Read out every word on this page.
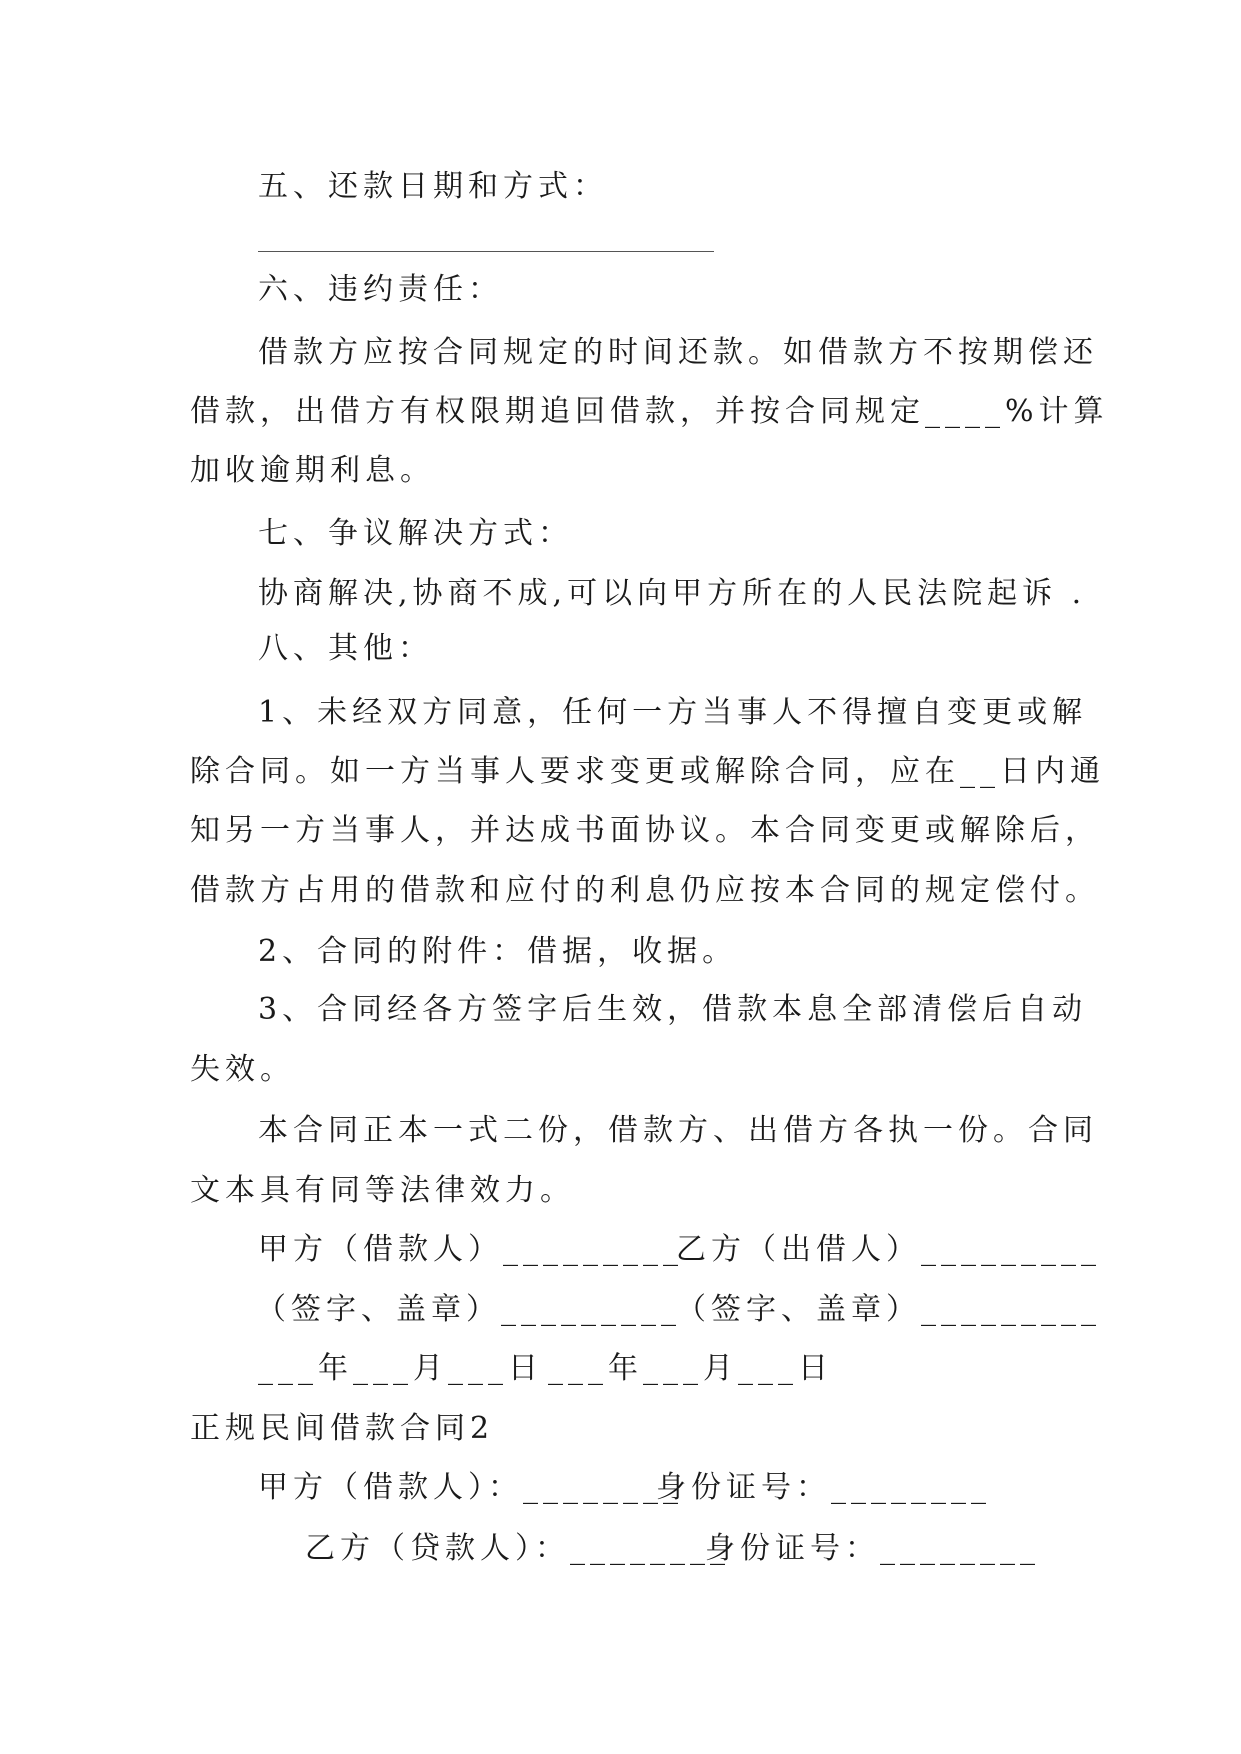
五、还款日期和方式：
六、违约责任：
借款方应按合同规定的时间还款。如借款方不按期偿还
借款，出借方有权限期追回借款，并按合同规定____%计算
加收逾期利息。
七、争议解决方式：
协商解决,协商不成,可以向甲方所在的人民法院起诉 .
八、其他：
1、未经双方同意，任何一方当事人不得擅自变更或解
除合同。如一方当事人要求变更或解除合同，应在__日内通
知另一方当事人，并达成书面协议。本合同变更或解除后，
借款方占用的借款和应付的利息仍应按本合同的规定偿付。
2、合同的附件：借据，收据。
3、合同经各方签字后生效，借款本息全部清偿后自动
失效。
本合同正本一式二份，借款方、出借方各执一份。合同
文本具有同等法律效力。
甲方（借款人）_________
乙方（出借人）_________
（签字、盖章）_________
（签字、盖章）_________
___年___月___日 ___年___月___日
正规民间借款合同2
甲方（借款人）：________
身份证号：________
乙方（贷款人）：________
身份证号：________
